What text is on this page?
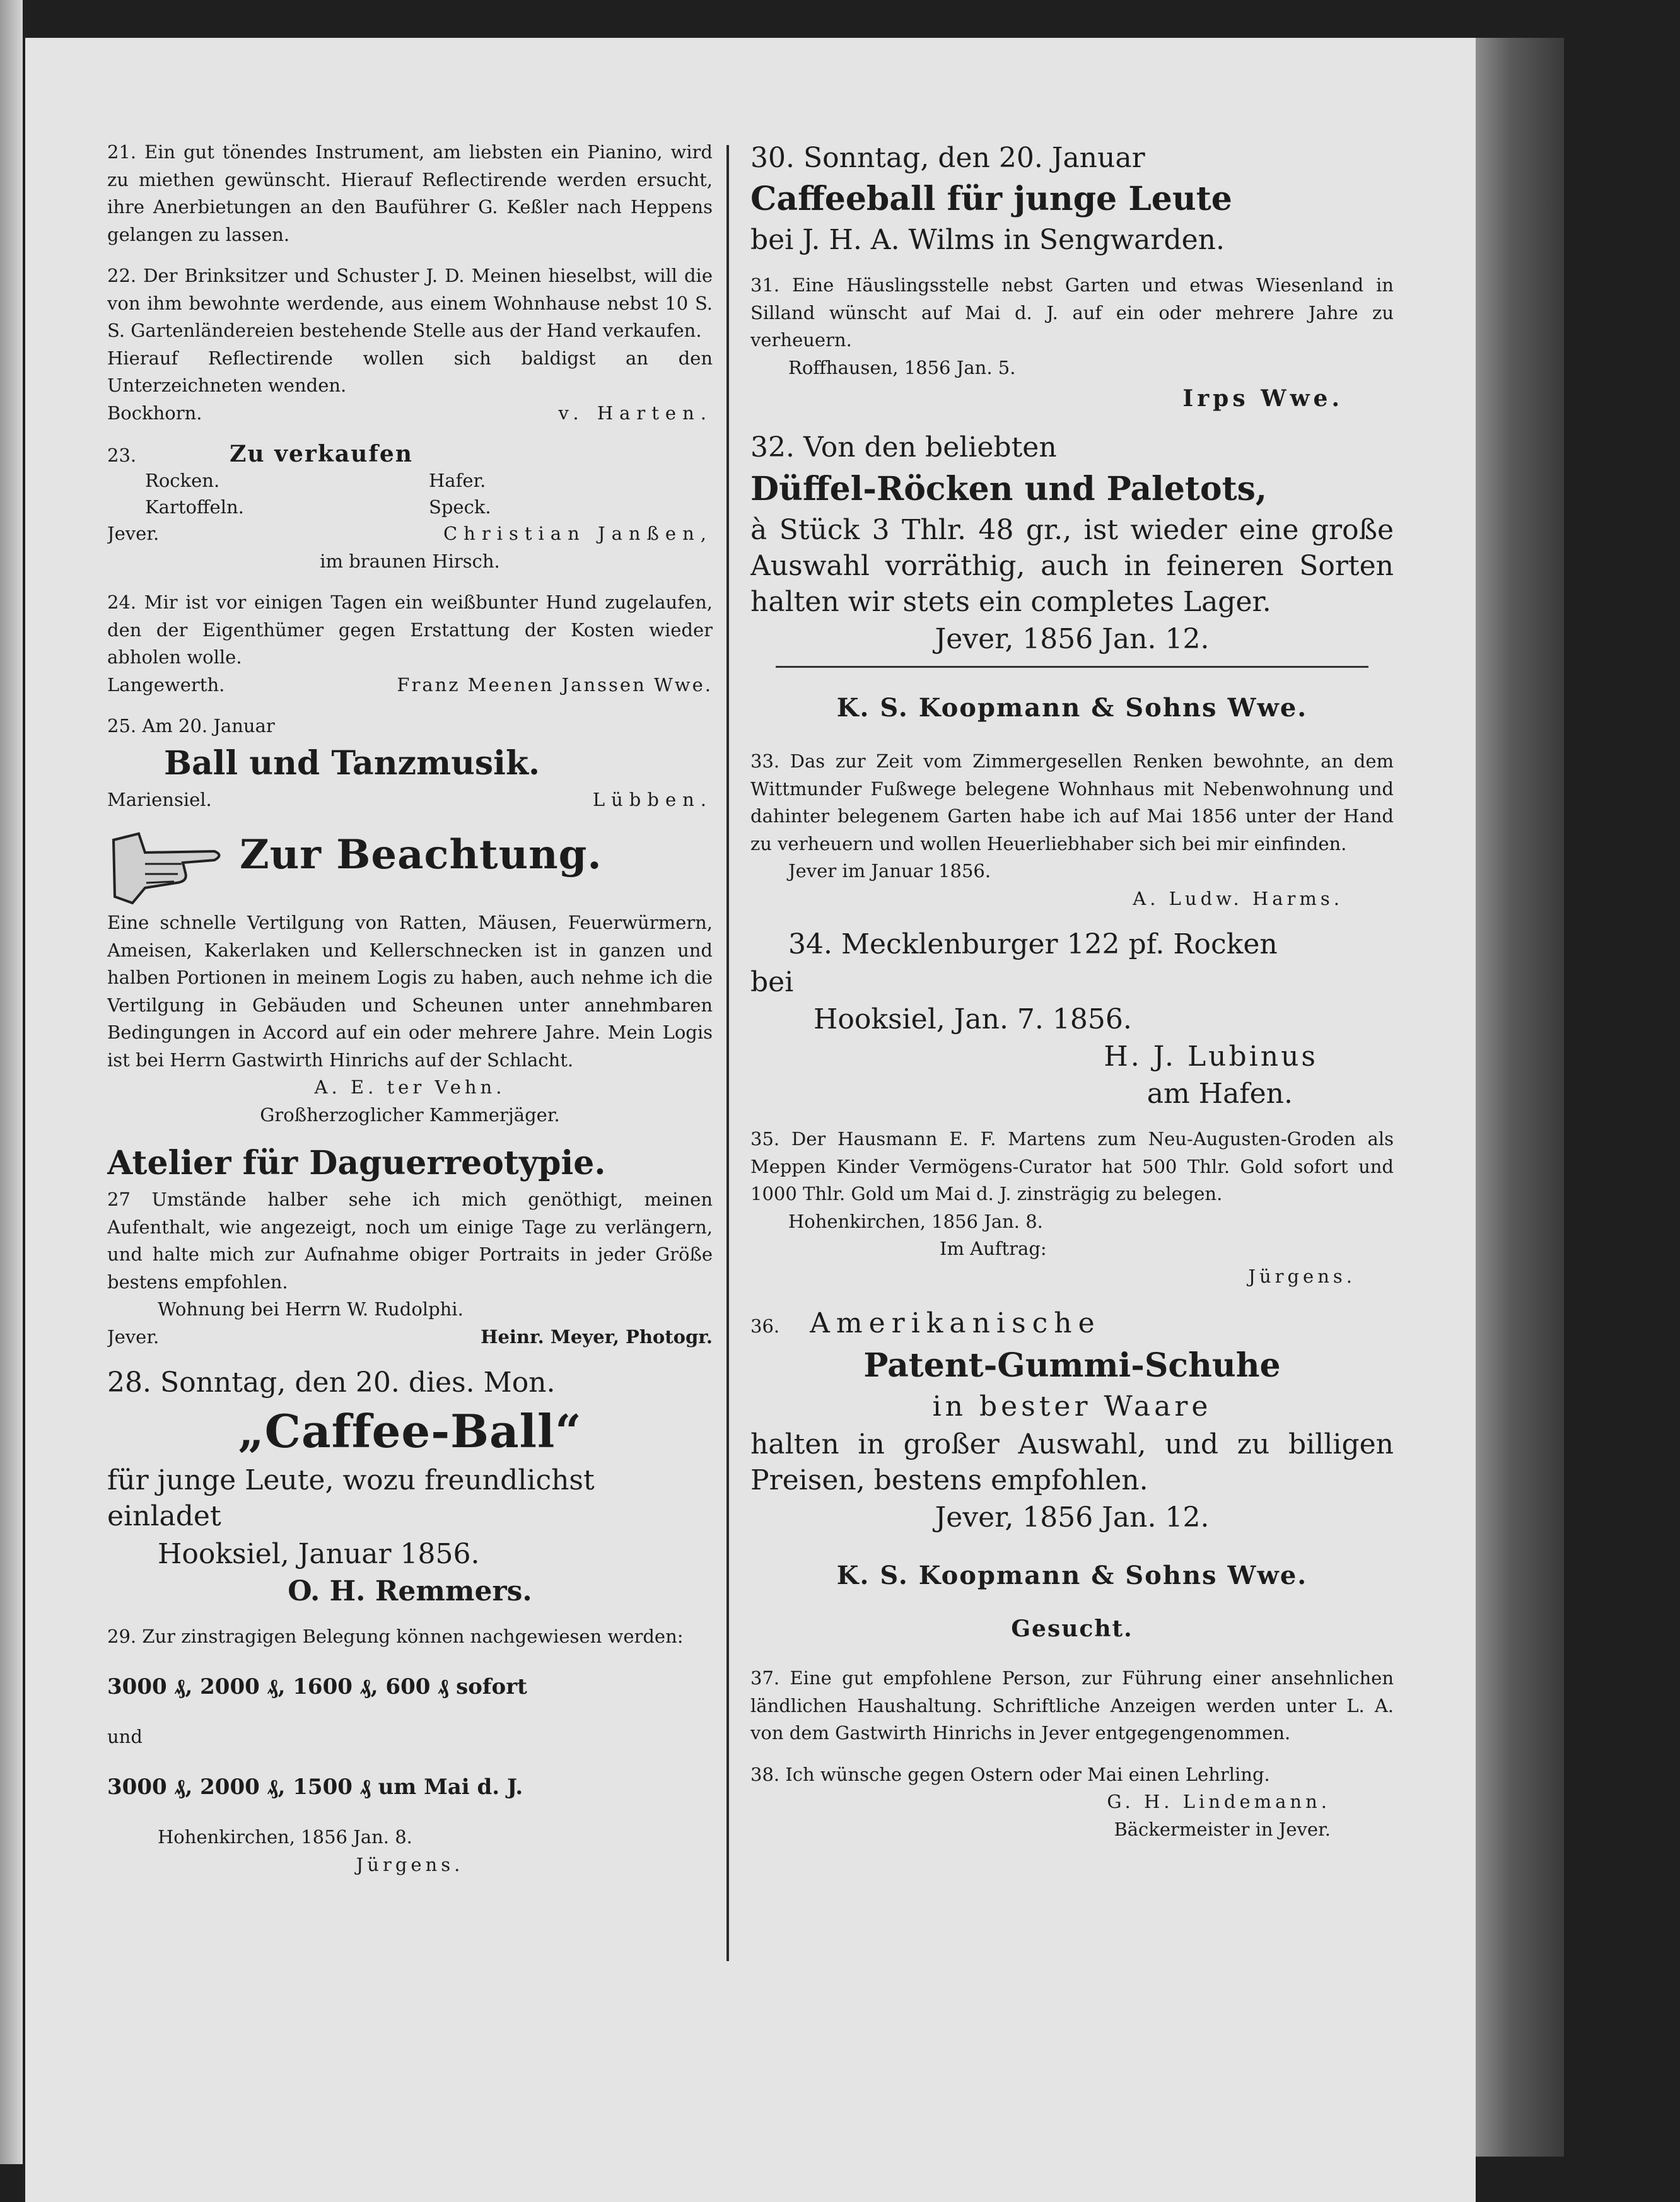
21. Ein gut tönendes Instrument, am liebsten ein Pianino, wird zu miethen gewünscht. Hierauf Reflectirende werden ersucht, ihre Anerbietungen an den Bauführer G. Keßler nach Heppens gelangen zu lassen.

22. Der Brinksitzer und Schuster J. D. Meinen hieselbst, will die von ihm bewohnte werdende, aus einem Wohnhause nebst 10 S. S. Gartenländereien bestehende Stelle aus der Hand verkaufen.

Hierauf Reflectirende wollen sich baldigst an den Unterzeichneten wenden.

Bockhorn.	v. Harten.
23.	Zu verkaufen
Rocken.	Hafer.
Kartoffeln.	Speck.
Jever.	Christian Janßen,

im braunen Hirsch.

24. Mir ist vor einigen Tagen ein weißbunter Hund zugelaufen, den der Eigenthümer gegen Erstattung der Kosten wieder abholen wolle.

Langewerth.	Franz Meenen Janssen Wwe.

25. Am 20. Januar

Ball und Tanzmusik.

Mariensiel.	Lübben.

Zur Beachtung.

Eine schnelle Vertilgung von Ratten, Mäusen, Feuerwürmern, Ameisen, Kakerlaken und Kellerschnecken ist in ganzen und halben Portionen in meinem Logis zu haben, auch nehme ich die Vertilgung in Gebäuden und Scheunen unter annehmbaren Bedingungen in Accord auf ein oder mehrere Jahre. Mein Logis ist bei Herrn Gastwirth Hinrichs auf der Schlacht.

A. E. ter Vehn.

Großherzoglicher Kammerjäger.

Atelier für Daguerreotypie.

27 Umstände halber sehe ich mich genöthigt, meinen Aufenthalt, wie angezeigt, noch um einige Tage zu verlängern, und halte mich zur Aufnahme obiger Portraits in jeder Größe bestens empfohlen.

Wohnung bei Herrn W. Rudolphi.

Jever.	Heinr. Meyer, Photogr.

28. Sonntag, den 20. dies. Mon.

„Caffee-Ball“

für junge Leute, wozu freundlichst einladet

Hooksiel, Januar 1856.

O. H. Remmers.

29. Zur zinstragigen Belegung können nachgewiesen werden:

3000 ₰, 2000 ₰, 1600 ₰, 600 ₰ sofort

und

3000 ₰, 2000 ₰, 1500 ₰ um Mai d. J.

Hohenkirchen, 1856 Jan. 8.

Jürgens.

30. Sonntag, den 20. Januar

Caffeeball für junge Leute

bei J. H. A. Wilms in Sengwarden.

31. Eine Häuslingsstelle nebst Garten und etwas Wiesenland in Silland wünscht auf Mai d. J. auf ein oder mehrere Jahre zu verheuern.

Roffhausen, 1856 Jan. 5.

Irps Wwe.

32. Von den beliebten

Düffel-Röcken und Paletots,

à Stück 3 Thlr. 48 gr., ist wieder eine große Auswahl vorräthig, auch in feineren Sorten halten wir stets ein completes Lager.

Jever, 1856 Jan. 12.

K. S. Koopmann & Sohns Wwe.

33. Das zur Zeit vom Zimmergesellen Renken bewohnte, an dem Wittmunder Fußwege belegene Wohnhaus mit Nebenwohnung und dahinter belegenem Garten habe ich auf Mai 1856 unter der Hand zu verheuern und wollen Heuerliebhaber sich bei mir einfinden.

Jever im Januar 1856.

A. Ludw. Harms.

34. Mecklenburger 122 pf. Rocken

bei

Hooksiel, Jan. 7. 1856.

H. J. Lubinus

am Hafen.

35. Der Hausmann E. F. Martens zum Neu-Augusten-Groden als Meppen Kinder Vermögens-Curator hat 500 Thlr. Gold sofort und 1000 Thlr. Gold um Mai d. J. zinsträgig zu belegen.

Hohenkirchen, 1856 Jan. 8.

Im Auftrag:

Jürgens.

36. Amerikanische

Patent-Gummi-Schuhe

in bester Waare

halten in großer Auswahl, und zu billigen Preisen, bestens empfohlen.

Jever, 1856 Jan. 12.

K. S. Koopmann & Sohns Wwe.

Gesucht.

37. Eine gut empfohlene Person, zur Führung einer ansehnlichen ländlichen Haushaltung. Schriftliche Anzeigen werden unter L. A. von dem Gastwirth Hinrichs in Jever entgegengenommen.

38. Ich wünsche gegen Ostern oder Mai einen Lehrling.

G. H. Lindemann.

Bäckermeister in Jever.
